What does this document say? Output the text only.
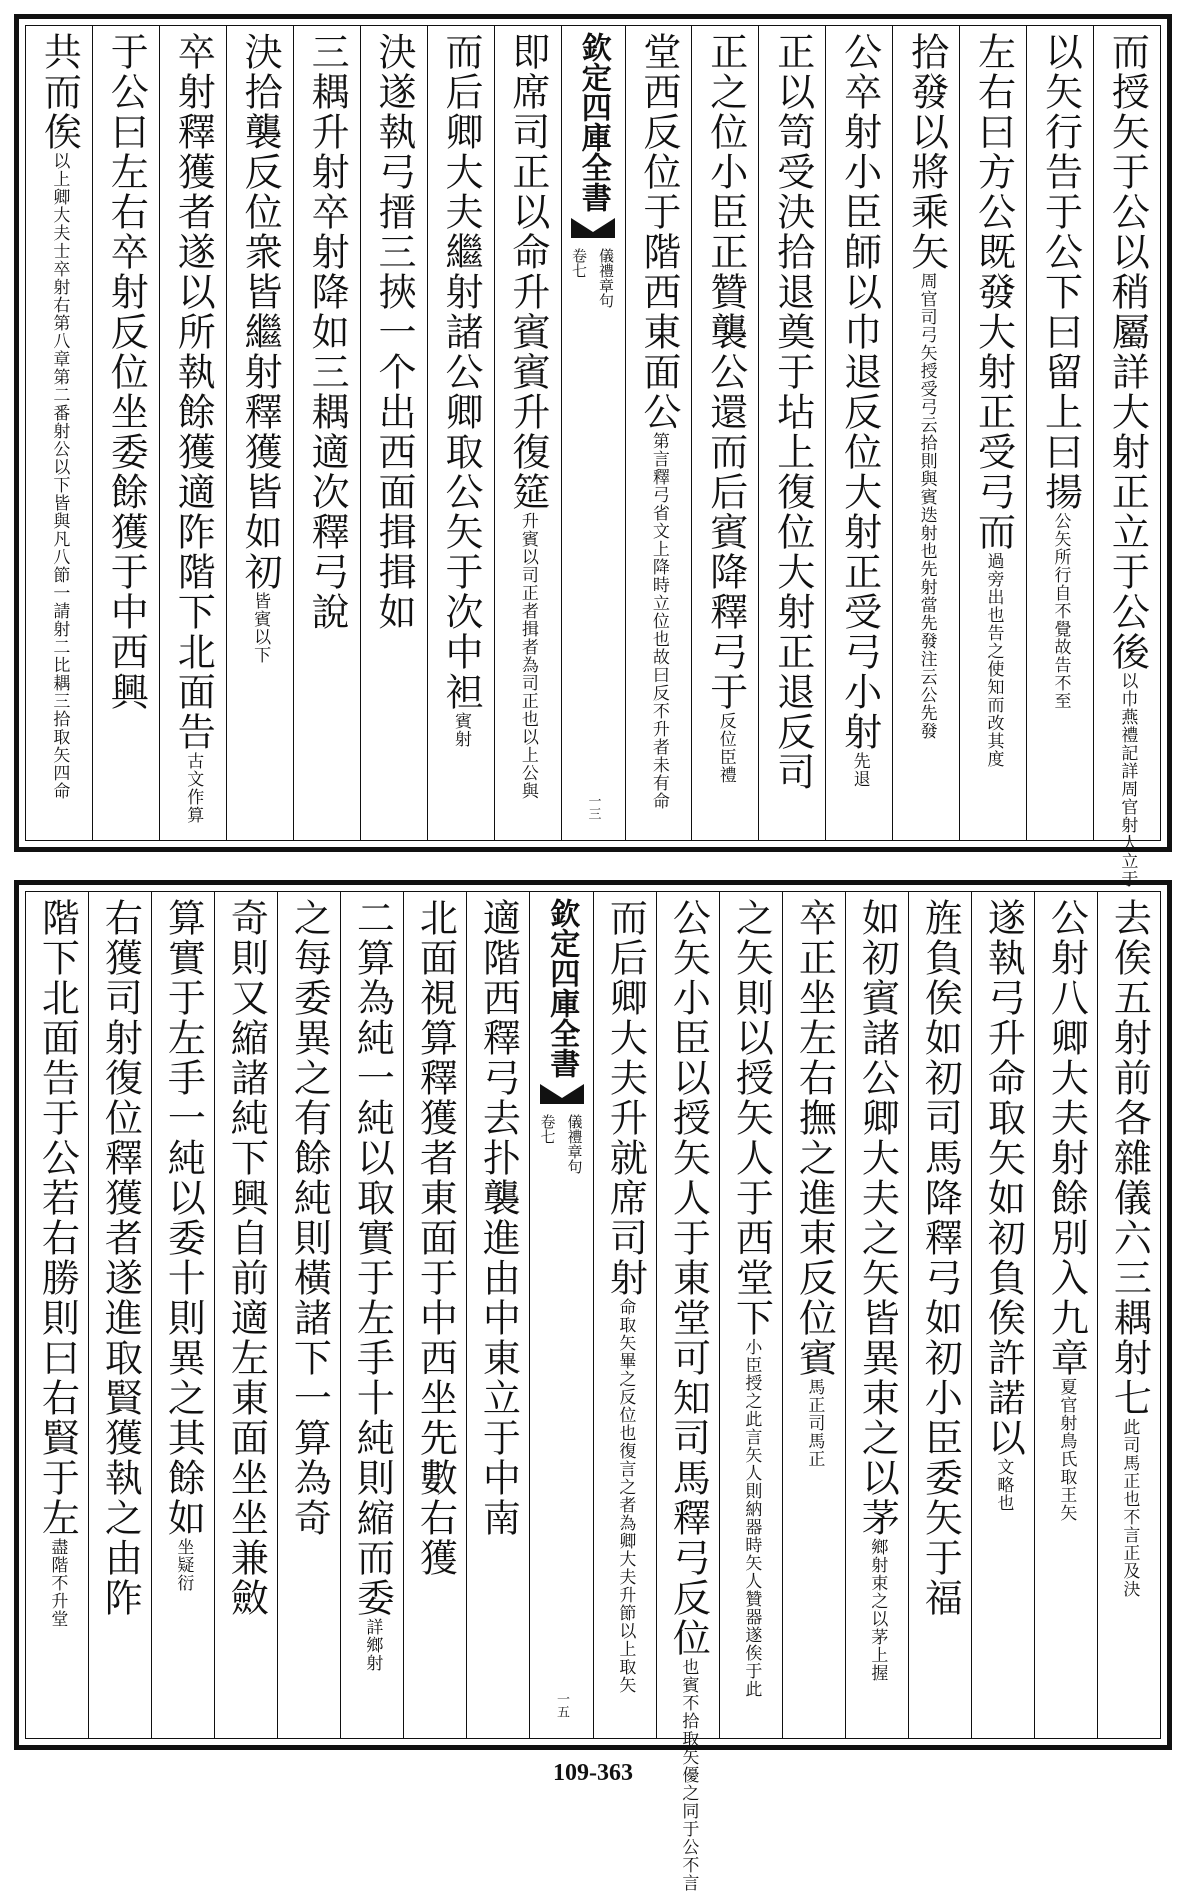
而授矢于公以稍屬詳大射正立于公後
以巾燕禮記詳周官射人立于
以矢行告于公下曰留上曰揚
公矢所行自不覺故告不至
左右曰方公既發大射正受弓而
過旁出也告之使知而改其度
拾發以將乘矢
周官司弓矢授受弓云拾則與賓迭射也先射當先發注云公先發
公卒射小臣師以巾退反位大射正受弓小射
先退
正以笥受決拾退奠于坫上復位大射正退反司
正之位小臣正贊襲公還而后賓降釋弓于
反位臣禮
堂西反位于階西東面公
第言釋弓省文上降時立位也故曰反不升者未有命
欽定四庫全書
儀禮章句
卷七
一三
即席司正以命升賓賓升復筵
升賓以司正者揖者為司正也以上公與
而后卿大夫繼射諸公卿取公矢于次中袒
賓射
決遂執弓搢三挾一个出西面揖揖如
三耦升射卒射降如三耦適次釋弓說
決拾襲反位衆皆繼射釋獲皆如初
皆賓以下
卒射釋獲者遂以所執餘獲適阼階下北面告
古文作算
于公曰左右卒射反位坐委餘獲于中西興
共而俟
以上卿大夫士卒射右第八章第二番射公以下皆與凡八節一請射二比耦三拾取矢四命
去俟五射前各雜儀六三耦射七
此司馬正也不言正及決
公射八卿大夫射餘別入九章
夏官射鳥氏取王矢
遂執弓升命取矢如初負俟許諾以
文略也
旌負俟如初司馬降釋弓如初小臣委矢于福
如初賓諸公卿大夫之矢皆異束之以茅
鄉射束之以茅上握
卒正坐左右撫之進束反位賓
馬正司馬正
之矢則以授矢人于西堂下
小臣授之此言矢人則納器時矢人贊器遂俟于此
公矢小臣以授矢人于東堂可知司馬釋弓反位
也賓不拾取矢優之同于公不言
而后卿大夫升就席司射
命取矢畢之反位也復言之者為卿大夫升節以上取矢
欽定四庫全書
儀禮章句
卷七
一五
適階西釋弓去扑襲進由中東立于中南
北面視算釋獲者東面于中西坐先數右獲
二算為純一純以取實于左手十純則縮而委
詳鄉射
之每委異之有餘純則橫諸下一算為奇
奇則又縮諸純下興自前適左東面坐坐兼斂
算實于左手一純以委十則異之其餘如
坐疑衍
右獲司射復位釋獲者遂進取賢獲執之由阼
階下北面告于公若右勝則曰右賢于左
盡階不升堂
109-363
